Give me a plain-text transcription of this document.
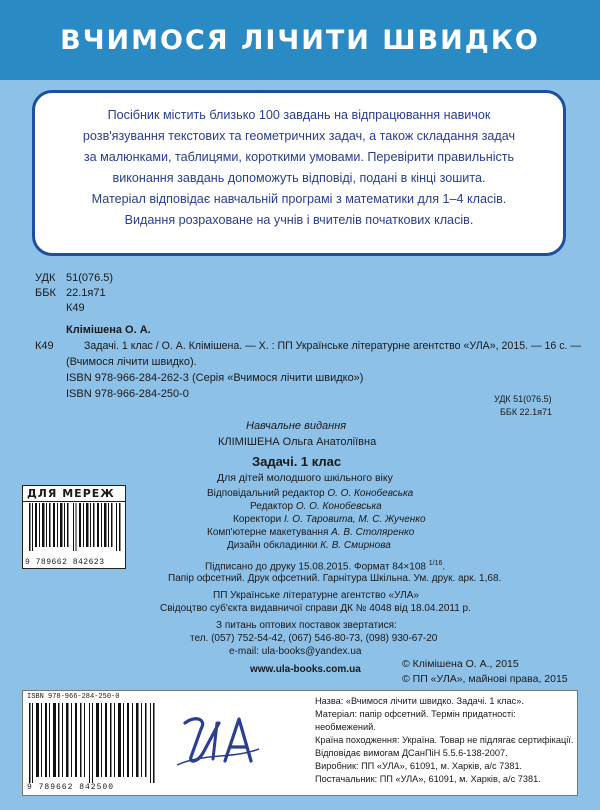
ВЧИМОСЯ ЛІЧИТИ ШВИДКО
Посібник містить близько 100 завдань на відпрацювання навичок
розв'язування текстових та геометричних задач, а також складання задач
за малюнками, таблицями, короткими умовами. Перевірити правильність
виконання завдань допоможуть відповіді, подані в кінці зошита.
Матеріал відповідає навчальній програмі з математики для 1–4 класів.
Видання розраховане на учнів і вчителів початкових класів.
УДК 51(076.5)
ББК 22.1я71
К49
Клімішена О. А.
К49	Задачі. 1 клас / О. А. Клімішена. — Х. : ПП Українське літературне агентство «УЛА», 2015. — 16 с. —
(Вчимося лічити швидко).
ISBN 978-966-284-262-3 (Серія «Вчимося лічити швидко»)
ISBN 978-966-284-250-0	УДК 51(076.5)
ББК 22.1я71
Навчальне видання
КЛІМІШЕНА Ольга Анатоліївна
Задачі. 1 клас
Для дітей молодшого шкільного віку
Відповідальний редактор О. О. Конобевська
Редактор О. О. Конобевська
Коректори І. О. Таровита, М. С. Жученко
Комп'ютерне макетування А. В. Столяренко
Дизайн обкладинки К. В. Смирнова
Підписано до друку 15.08.2015. Формат 84×108 $^{1/16}$.
Папір офсетний. Друк офсетний. Гарнітура Шкільна. Ум. друк. арк. 1,68.
ПП Українське літературне агентство «УЛА»
Свідоцтво суб'єкта видавничої справи ДК № 4048 від 18.04.2011 р.
З питань оптових поставок звертатися:
тел. (057) 752-54-42, (067) 546-80-73, (098) 930-67-20
e-mail: ula-books@yandex.ua
www.ula-books.com.ua	© Клімішена О. А., 2015
© ПП «УЛА», майнові права, 2015
ДЛЯ МЕРЕЖ
9 789662 842623
ISBN 978-966-284-250-0
9 789662 842500
Назва: «Вчимося лічити швидко. Задачі. 1 клас».
Матеріал: папір офсетний. Термін придатності: необмежений.
Країна походження: Україна. Товар не підлягає сертифікації.
Відповідає вимогам ДСанПіН 5.5.6-138-2007.
Виробник: ПП «УЛА», 61091, м. Харків, а/с 7381.
Постачальник: ПП «УЛА», 61091, м. Харків, а/с 7381.
